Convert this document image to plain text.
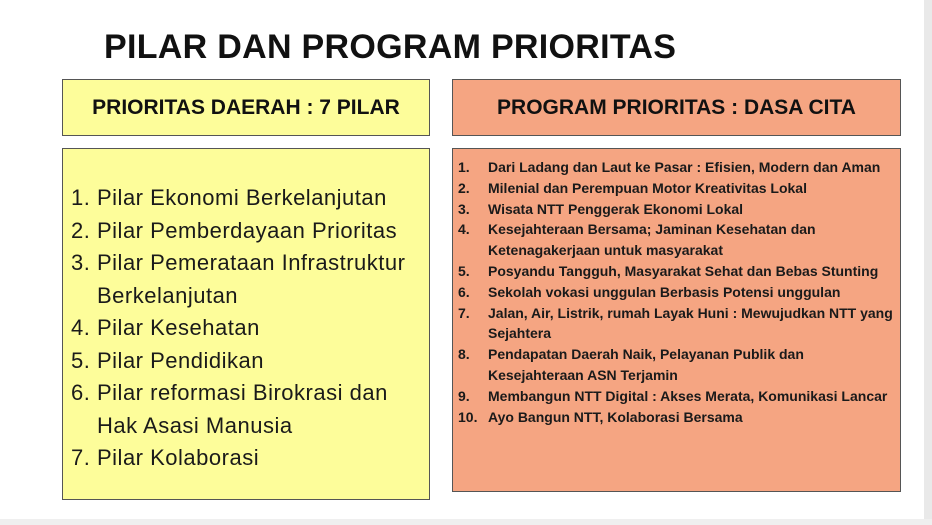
PILAR DAN PROGRAM PRIORITAS
PRIORITAS DAERAH : 7 PILAR	PROGRAM PRIORITAS : DASA CITA
1. Pilar Ekonomi Berkelanjutan
2. Pilar Pemberdayaan Prioritas
3. Pilar Pemerataan Infrastruktur Berkelanjutan
4. Pilar Kesehatan
5. Pilar Pendidikan
6. Pilar reformasi Birokrasi dan Hak Asasi Manusia
7. Pilar Kolaborasi
1.	Dari Ladang dan Laut ke Pasar : Efisien, Modern dan Aman
2.	Milenial dan Perempuan Motor Kreativitas Lokal
3.	Wisata NTT Penggerak Ekonomi Lokal
4.	Kesejahteraan Bersama; Jaminan Kesehatan dan Ketenagakerjaan untuk masyarakat
5.	Posyandu Tangguh, Masyarakat Sehat dan Bebas Stunting
6.	Sekolah vokasi unggulan Berbasis Potensi unggulan
7.	Jalan, Air, Listrik, rumah Layak Huni : Mewujudkan NTT yang Sejahtera
8.	Pendapatan Daerah Naik, Pelayanan Publik dan Kesejahteraan ASN Terjamin
9.	Membangun NTT Digital : Akses Merata, Komunikasi Lancar
10. Ayo Bangun NTT, Kolaborasi Bersama
